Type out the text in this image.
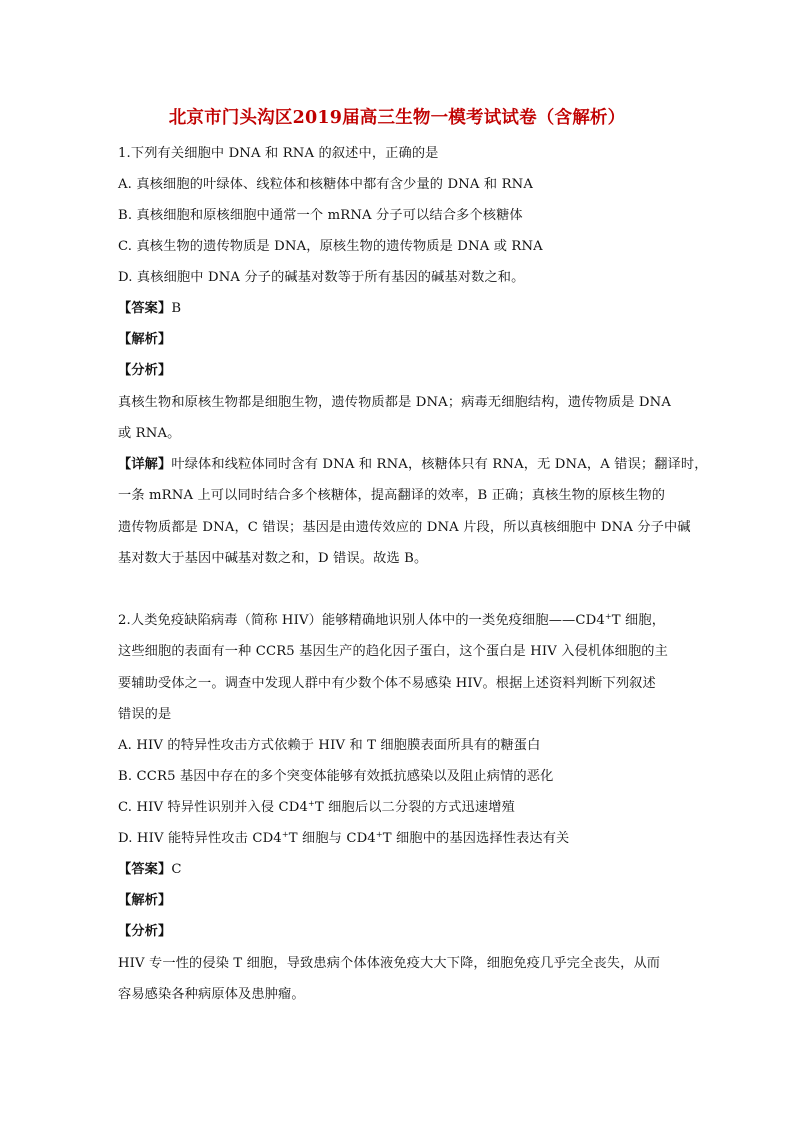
北京市门头沟区2019届高三生物一模考试试卷（含解析）
1.下列有关细胞中 DNA 和 RNA 的叙述中，正确的是
A. 真核细胞的叶绿体、线粒体和核糖体中都有含少量的 DNA 和 RNA
B. 真核细胞和原核细胞中通常一个 mRNA 分子可以结合多个核糖体
C. 真核生物的遗传物质是 DNA，原核生物的遗传物质是 DNA 或 RNA
D. 真核细胞中 DNA 分子的碱基对数等于所有基因的碱基对数之和。
【答案】B
【解析】
【分析】
真核生物和原核生物都是细胞生物，遗传物质都是 DNA；病毒无细胞结构，遗传物质是 DNA
或 RNA。
【详解】叶绿体和线粒体同时含有 DNA 和 RNA，核糖体只有 RNA，无 DNA，A 错误；翻译时，
一条 mRNA 上可以同时结合多个核糖体，提高翻译的效率，B 正确；真核生物的原核生物的
遗传物质都是 DNA，C 错误；基因是由遗传效应的 DNA 片段，所以真核细胞中 DNA 分子中碱
基对数大于基因中碱基对数之和，D 错误。故选 B。
2.人类免疫缺陷病毒（简称 HIV）能够精确地识别人体中的一类免疫细胞——CD4+T 细胞，
这些细胞的表面有一种 CCR5 基因生产的趋化因子蛋白，这个蛋白是 HIV 入侵机体细胞的主
要辅助受体之一。调查中发现人群中有少数个体不易感染 HIV。根据上述资料判断下列叙述
错误的是
A. HIV 的特异性攻击方式依赖于 HIV 和 T 细胞膜表面所具有的糖蛋白
B. CCR5 基因中存在的多个突变体能够有效抵抗感染以及阻止病情的恶化
C. HIV 特异性识别并入侵 CD4+T 细胞后以二分裂的方式迅速增殖
D. HIV 能特异性攻击 CD4+T 细胞与 CD4+T 细胞中的基因选择性表达有关
【答案】C
【解析】
【分析】
HIV 专一性的侵染 T 细胞，导致患病个体体液免疫大大下降，细胞免疫几乎完全丧失，从而
容易感染各种病原体及患肿瘤。
